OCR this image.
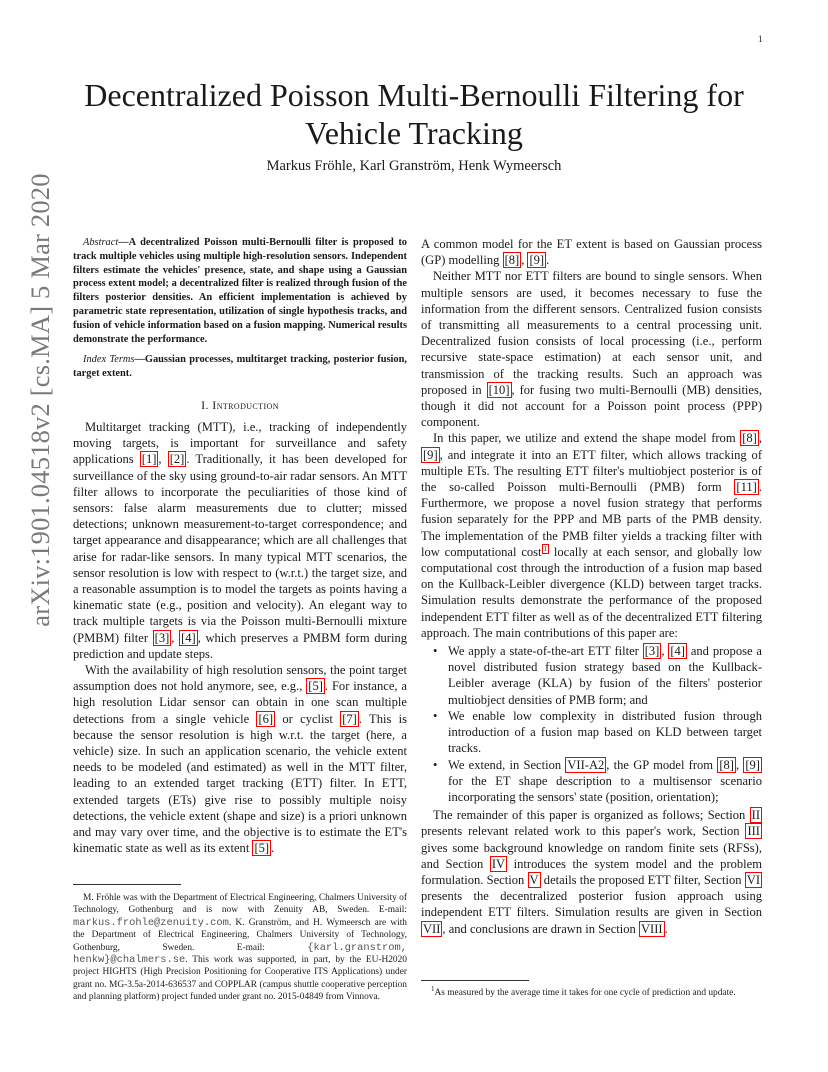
1
arXiv:1901.04518v2 [cs.MA] 5 Mar 2020
Decentralized Poisson Multi-Bernoulli Filtering for Vehicle Tracking
Markus Fröhle, Karl Granström, Henk Wymeersch

Abstract—A decentralized Poisson multi-Bernoulli filter is proposed to track multiple vehicles using multiple high-resolution sensors. Independent filters estimate the vehicles' presence, state, and shape using a Gaussian process extent model; a decentralized filter is realized through fusion of the filters posterior densities. An efficient implementation is achieved by parametric state representation, utilization of single hypothesis tracks, and fusion of vehicle information based on a fusion mapping. Numerical results demonstrate the performance.

Index Terms—Gaussian processes, multitarget tracking, posterior fusion, target extent.

I. Introduction

Multitarget tracking (MTT), i.e., tracking of independently moving targets, is important for surveillance and safety applications [1] , [2] . Traditionally, it has been developed for surveillance of the sky using ground-to-air radar sensors. An MTT filter allows to incorporate the peculiarities of those kind of sensors: false alarm measurements due to clutter; missed detections; unknown measurement-to-target correspondence; and target appearance and disappearance; which are all challenges that arise for radar-like sensors. In many typical MTT scenarios, the sensor resolution is low with respect to (w.r.t.) the target size, and a reasonable assumption is to model the targets as points having a kinematic state (e.g., position and velocity). An elegant way to track multiple targets is via the Poisson multi-Bernoulli mixture (PMBM) filter [3] , [4] , which preserves a PMBM form during prediction and update steps.

With the availability of high resolution sensors, the point target assumption does not hold anymore, see, e.g., [5] . For instance, a high resolution Lidar sensor can obtain in one scan multiple detections from a single vehicle [6] or cyclist [7] . This is because the sensor resolution is high w.r.t. the target (here, a vehicle) size. In such an application scenario, the vehicle extent needs to be modeled (and estimated) as well in the MTT filter, leading to an extended target tracking (ETT) filter. In ETT, extended targets (ETs) give rise to possibly multiple noisy detections, the vehicle extent (shape and size) is a priori unknown and may vary over time, and the objective is to estimate the ET's kinematic state as well as its extent [5] .

M. Fröhle was with the Department of Electrical Engineering, Chalmers University of Technology, Gothenburg and is now with Zenuity AB, Sweden. E-mail: markus.frohle@zenuity.com. K. Granström, and H. Wymeersch are with the Department of Electrical Engineering, Chalmers University of Technology, Gothenburg, Sweden. E-mail: {karl.granstrom, henkw}@chalmers.se. This work was supported, in part, by the EU-H2020 project HIGHTS (High Precision Positioning for Cooperative ITS Applications) under grant no. MG-3.5a-2014-636537 and COPPLAR (campus shuttle cooperative perception and planning platform) project funded under grant no. 2015-04849 from Vinnova.

A common model for the ET extent is based on Gaussian process (GP) modelling [8] , [9] .

Neither MTT nor ETT filters are bound to single sensors. When multiple sensors are used, it becomes necessary to fuse the information from the different sensors. Centralized fusion consists of transmitting all measurements to a central processing unit. Decentralized fusion consists of local processing (i.e., perform recursive state-space estimation) at each sensor unit, and transmission of the tracking results. Such an approach was proposed in [10] , for fusing two multi-Bernoulli (MB) densities, though it did not account for a Poisson point process (PPP) component.

In this paper, we utilize and extend the shape model from [8] , [9] , and integrate it into an ETT filter, which allows tracking of multiple ETs. The resulting ETT filter's multiobject posterior is of the so-called Poisson multi-Bernoulli (PMB) form [11] . Furthermore, we propose a novel fusion strategy that performs fusion separately for the PPP and MB parts of the PMB density. The implementation of the PMB filter yields a tracking filter with low computational cost $^1$ locally at each sensor, and globally low computational cost through the introduction of a fusion map based on the Kullback-Leibler divergence (KLD) between target tracks. Simulation results demonstrate the performance of the proposed independent ETT filter as well as of the decentralized ETT filtering approach. The main contributions of this paper are:

• We apply a state-of-the-art ETT filter [3] , [4] and propose a novel distributed fusion strategy based on the Kullback-Leibler average (KLA) by fusion of the filters' posterior multiobject densities of PMB form; and
• We enable low complexity in distributed fusion through introduction of a fusion map based on KLD between target tracks.
• We extend, in Section VII-A2 , the GP model from [8] , [9] for the ET shape description to a multisensor scenario incorporating the sensors' state (position, orientation);

The remainder of this paper is organized as follows; Section II presents relevant related work to this paper's work, Section III gives some background knowledge on random finite sets (RFSs), and Section IV introduces the system model and the problem formulation. Section V details the proposed ETT filter, Section VI presents the decentralized posterior fusion approach using independent ETT filters. Simulation results are given in Section VII , and conclusions are drawn in Section VIII .

$^1$As measured by the average time it takes for one cycle of prediction and update.
